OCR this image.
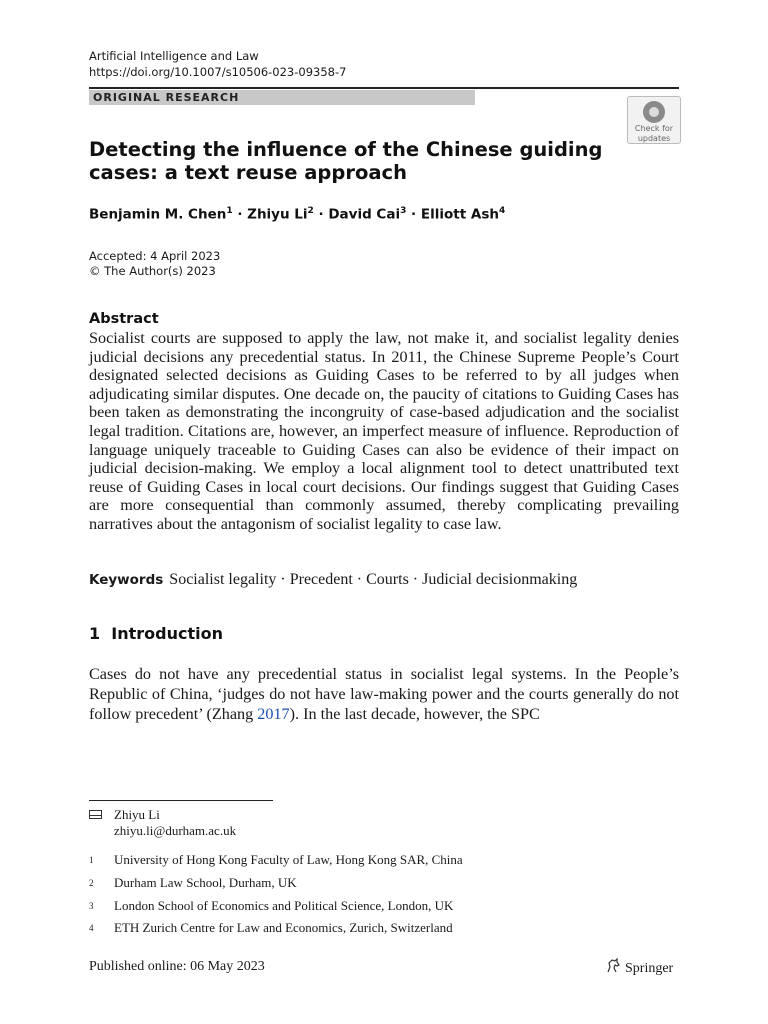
Artificial Intelligence and Law
https://doi.org/10.1007/s10506-023-09358-7
ORIGINAL RESEARCH
Check for
updates
Detecting the influence of the Chinese guiding cases: a text reuse approach
Benjamin M. Chen$^1$ · Zhiyu $Li^2$ · David Cai$^3$ · Elliott Ash$^4$
Accepted: 4 April 2023
© The Author(s) 2023
Abstract
Socialist courts are supposed to apply the law, not make it, and socialist legality denies judicial decisions any precedential status. In 2011, the Chinese Supreme People’s Court designated selected decisions as Guiding Cases to be referred to by all judges when adjudicating similar disputes. One decade on, the paucity of citations to Guiding Cases has been taken as demonstrating the incongruity of case-based adjudication and the socialist legal tradition. Citations are, however, an imperfect measure of influence. Reproduction of language uniquely traceable to Guiding Cases can also be evidence of their impact on judicial decision-making. We employ a local alignment tool to detect unattributed text reuse of Guiding Cases in local court decisions. Our findings suggest that Guiding Cases are more consequential than commonly assumed, thereby complicating prevailing narratives about the antagonism of socialist legality to case law.
Keywords Socialist legality · Precedent · Courts · Judicial decisionmaking
1 Introduction
Cases do not have any precedential status in socialist legal systems. In the People’s Republic of China, ‘judges do not have law-making power and the courts generally do not follow precedent’ (Zhang 2017). In the last decade, however, the SPC
Zhiyu Li
zhiyu.li@durham.ac.uk
1 University of Hong Kong Faculty of Law, Hong Kong SAR, China
2 Durham Law School, Durham, UK
3 London School of Economics and Political Science, London, UK
4 ETH Zurich Centre for Law and Economics, Zurich, Switzerland
Published online: 06 May 2023	Springer
